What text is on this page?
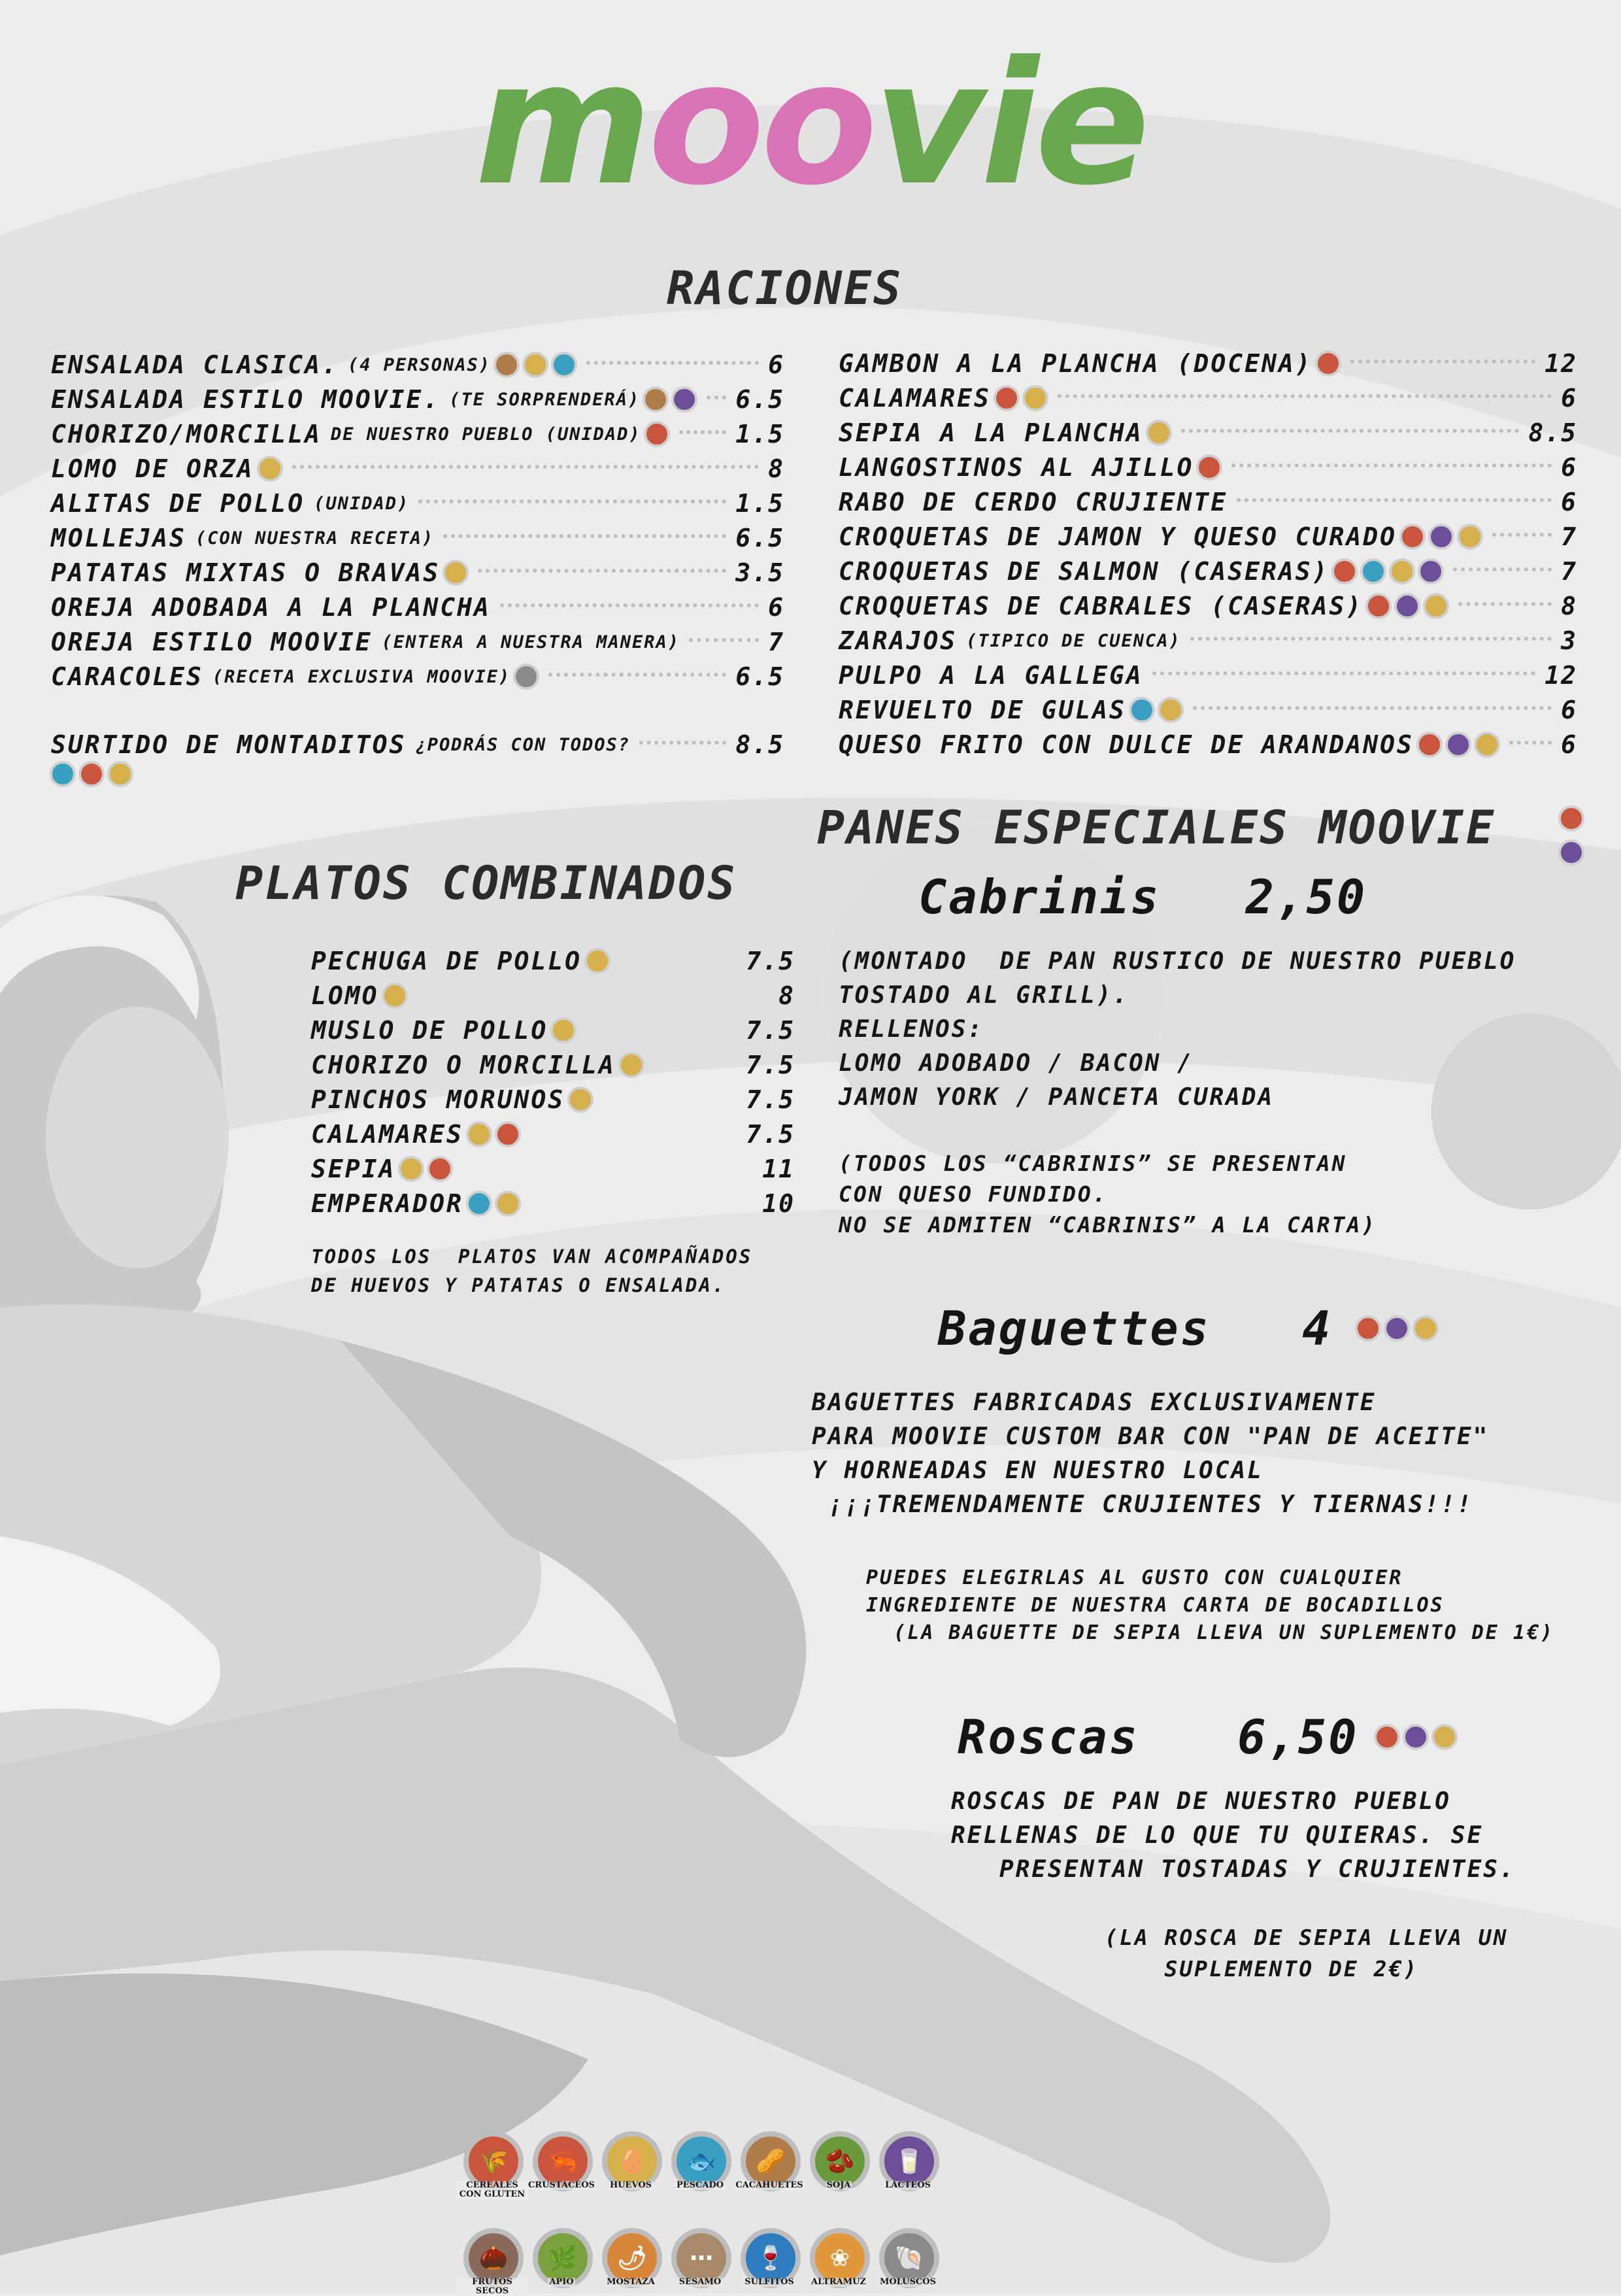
moovie
RACIONES
PLATOS COMBINADOS
TODOS LOS  PLATOS VAN ACOMPAÑADOS
DE HUEVOS Y PATATAS O ENSALADA.
PANES ESPECIALES MOOVIE
Cabrinis 2,50
(MONTADO  DE PAN RUSTICO DE NUESTRO PUEBLO
TOSTADO AL GRILL).
RELLENOS:
LOMO ADOBADO / BACON /
JAMON YORK / PANCETA CURADA
(TODOS LOS “CABRINIS” SE PRESENTAN
CON QUESO FUNDIDO.
NO SE ADMITEN “CABRINIS” A LA CARTA)
Baguettes 4
BAGUETTES FABRICADAS EXCLUSIVAMENTE
PARA MOOVIE CUSTOM BAR CON "PAN DE ACEITE"
Y HORNEADAS EN NUESTRO LOCAL
¡¡¡TREMENDAMENTE CRUJIENTES Y TIERNAS!!!
PUEDES ELEGIRLAS AL GUSTO CON CUALQUIER
INGREDIENTE DE NUESTRA CARTA DE BOCADILLOS
(LA BAGUETTE DE SEPIA LLEVA UN SUPLEMENTO DE 1€)
Roscas 6,50
ROSCAS DE PAN DE NUESTRO PUEBLO
RELLENAS DE LO QUE TU QUIERAS. SE
PRESENTAN TOSTADAS Y CRUJIENTES.
(LA ROSCA DE SEPIA LLEVA UN
SUPLEMENTO DE 2€)
🌾
CEREALES CON GLUTEN
🦐
CRUSTACEOS
🥚
HUEVOS
🐟
PESCADO
🥜
CACAHUETES
🫘
SOJA
🥛
LACTEOS
🌰
FRUTOS SECOS
🌿
APIO
🌶
MOSTAZA
⋯
SESAMO
🍷
SULFITOS
❀
ALTRAMUZ
🐚
MOLUSCOS
ENSALADA CLASICA. (4 PERSONAS)	6
ENSALADA ESTILO MOOVIE. (TE SORPRENDERÁ)	6.5
CHORIZO/MORCILLA DE NUESTRO PUEBLO (UNIDAD)	1.5
LOMO DE ORZA	8
ALITAS DE POLLO (UNIDAD)	1.5
MOLLEJAS (CON NUESTRA RECETA)	6.5
PATATAS MIXTAS O BRAVAS	3.5
OREJA ADOBADA A LA PLANCHA	6
OREJA ESTILO MOOVIE (ENTERA A NUESTRA MANERA)	7
CARACOLES (RECETA EXCLUSIVA MOOVIE)	6.5
SURTIDO DE MONTADITOS ¿PODRÁS CON TODOS?	8.5
GAMBON A LA PLANCHA (DOCENA)	12
CALAMARES	6
SEPIA A LA PLANCHA	8.5
LANGOSTINOS AL AJILLO	6
RABO DE CERDO CRUJIENTE	6
CROQUETAS DE JAMON Y QUESO CURADO	7
CROQUETAS DE SALMON (CASERAS)	7
CROQUETAS DE CABRALES (CASERAS)	8
ZARAJOS (TIPICO DE CUENCA)	3
PULPO A LA GALLEGA	12
REVUELTO DE GULAS	6
QUESO FRITO CON DULCE DE ARANDANOS	6
PECHUGA DE POLLO	7.5
LOMO	8
MUSLO DE POLLO	7.5
CHORIZO O MORCILLA	7.5
PINCHOS MORUNOS	7.5
CALAMARES	7.5
SEPIA	11
EMPERADOR	10
